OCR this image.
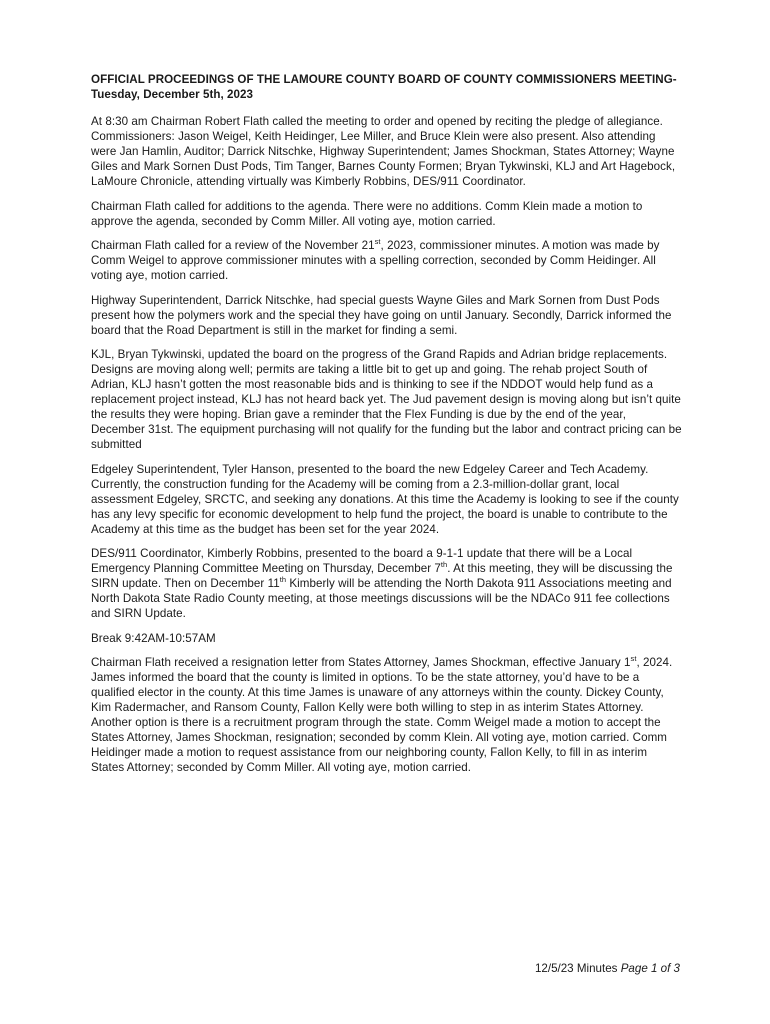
OFFICIAL PROCEEDINGS OF THE LAMOURE COUNTY BOARD OF COUNTY COMMISSIONERS MEETING-Tuesday, December 5th, 2023

At 8:30 am Chairman Robert Flath called the meeting to order and opened by reciting the pledge of allegiance. Commissioners: Jason Weigel, Keith Heidinger, Lee Miller, and Bruce Klein were also present. Also attending were Jan Hamlin, Auditor; Darrick Nitschke, Highway Superintendent; James Shockman, States Attorney; Wayne Giles and Mark Sornen Dust Pods, Tim Tanger, Barnes County Formen; Bryan Tykwinski, KLJ and Art Hagebock, LaMoure Chronicle, attending virtually was Kimberly Robbins, DES/911 Coordinator.

Chairman Flath called for additions to the agenda. There were no additions. Comm Klein made a motion to approve the agenda, seconded by Comm Miller. All voting aye, motion carried.

Chairman Flath called for a review of the November 21st, 2023, commissioner minutes. A motion was made by Comm Weigel to approve commissioner minutes with a spelling correction, seconded by Comm Heidinger. All voting aye, motion carried.

Highway Superintendent, Darrick Nitschke, had special guests Wayne Giles and Mark Sornen from Dust Pods present how the polymers work and the special they have going on until January. Secondly, Darrick informed the board that the Road Department is still in the market for finding a semi.

KJL, Bryan Tykwinski, updated the board on the progress of the Grand Rapids and Adrian bridge replacements. Designs are moving along well; permits are taking a little bit to get up and going. The rehab project South of Adrian, KLJ hasn’t gotten the most reasonable bids and is thinking to see if the NDDOT would help fund as a replacement project instead, KLJ has not heard back yet. The Jud pavement design is moving along but isn’t quite the results they were hoping. Brian gave a reminder that the Flex Funding is due by the end of the year, December 31st. The equipment purchasing will not qualify for the funding but the labor and contract pricing can be submitted

Edgeley Superintendent, Tyler Hanson, presented to the board the new Edgeley Career and Tech Academy. Currently, the construction funding for the Academy will be coming from a 2.3-million-dollar grant, local assessment Edgeley, SRCTC, and seeking any donations. At this time the Academy is looking to see if the county has any levy specific for economic development to help fund the project, the board is unable to contribute to the Academy at this time as the budget has been set for the year 2024.

DES/911 Coordinator, Kimberly Robbins, presented to the board a 9-1-1 update that there will be a Local Emergency Planning Committee Meeting on Thursday, December 7th. At this meeting, they will be discussing the SIRN update. Then on December 11th Kimberly will be attending the North Dakota 911 Associations meeting and North Dakota State Radio County meeting, at those meetings discussions will be the NDACo 911 fee collections and SIRN Update.

Break 9:42AM-10:57AM

Chairman Flath received a resignation letter from States Attorney, James Shockman, effective January 1st, 2024. James informed the board that the county is limited in options. To be the state attorney, you’d have to be a qualified elector in the county. At this time James is unaware of any attorneys within the county. Dickey County, Kim Radermacher, and Ransom County, Fallon Kelly were both willing to step in as interim States Attorney. Another option is there is a recruitment program through the state. Comm Weigel made a motion to accept the States Attorney, James Shockman, resignation; seconded by comm Klein. All voting aye, motion carried. Comm Heidinger made a motion to request assistance from our neighboring county, Fallon Kelly, to fill in as interim States Attorney; seconded by Comm Miller. All voting aye, motion carried.

12/5/23 Minutes Page 1 of 3
